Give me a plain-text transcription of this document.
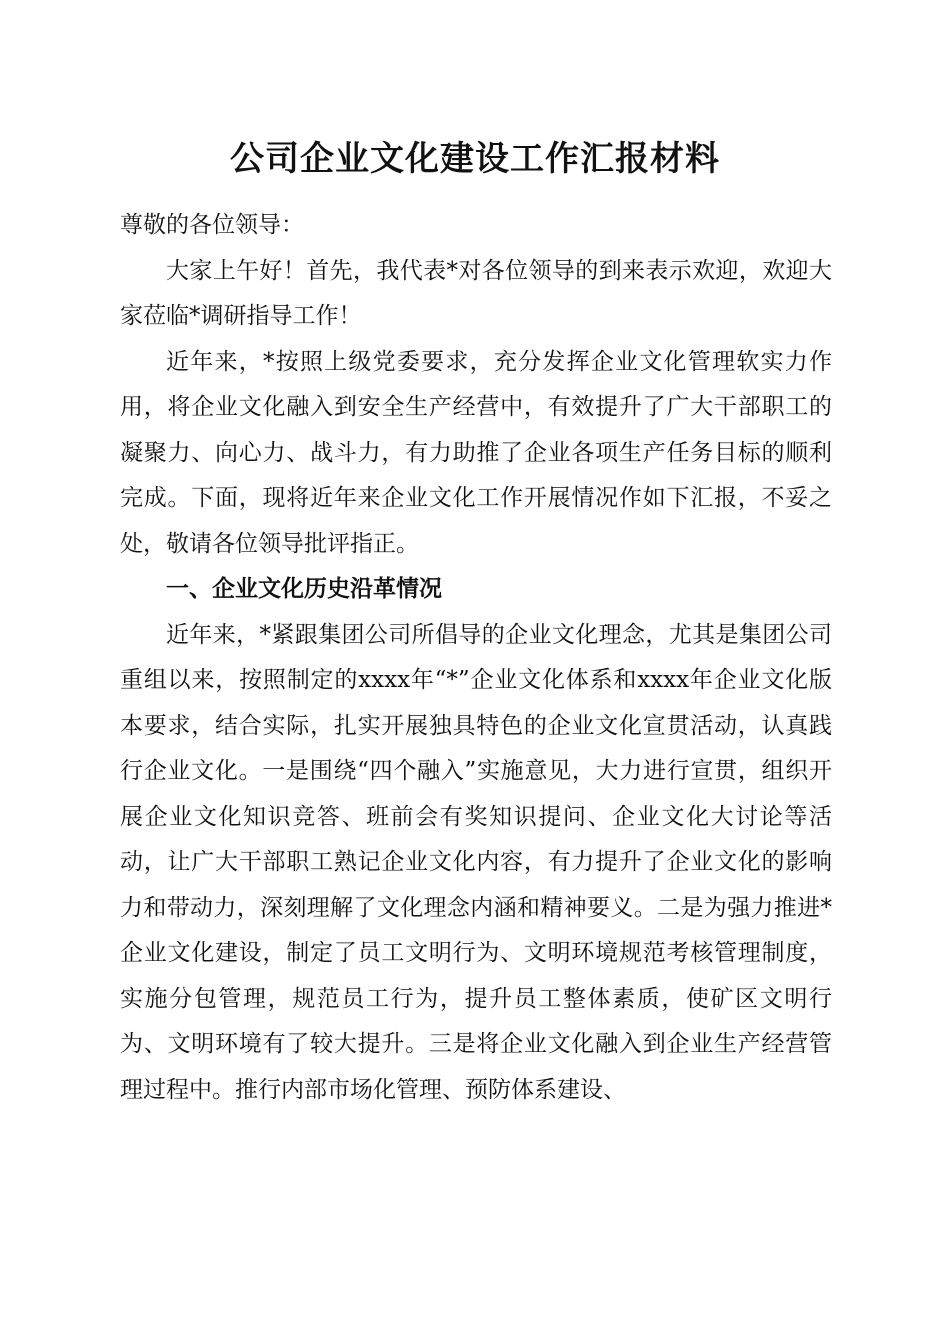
公司企业文化建设工作汇报材料

尊敬的各位领导：

大家上午好！首先，我代表*对各位领导的到来表示欢迎，欢迎大家莅临*调研指导工作！

近年来，*按照上级党委要求，充分发挥企业文化管理软实力作用，将企业文化融入到安全生产经营中，有效提升了广大干部职工的凝聚力、向心力、战斗力，有力助推了企业各项生产任务目标的顺利完成。下面，现将近年来企业文化工作开展情况作如下汇报，不妥之处，敬请各位领导批评指正。

一、企业文化历史沿革情况

近年来，*紧跟集团公司所倡导的企业文化理念，尤其是集团公司重组以来，按照制定的xxxx年“*”企业文化体系和xxxx年企业文化版本要求，结合实际，扎实开展独具特色的企业文化宣贯活动，认真践行企业文化。一是围绕“四个融入”实施意见，大力进行宣贯，组织开展企业文化知识竞答、班前会有奖知识提问、企业文化大讨论等活动，让广大干部职工熟记企业文化内容，有力提升了企业文化的影响力和带动力，深刻理解了文化理念内涵和精神要义。二是为强力推进*企业文化建设，制定了员工文明行为、文明环境规范考核管理制度，实施分包管理，规范员工行为，提升员工整体素质，使矿区文明行为、文明环境有了较大提升。三是将企业文化融入到企业生产经营管理过程中。推行内部市场化管理、预防体系建设、
